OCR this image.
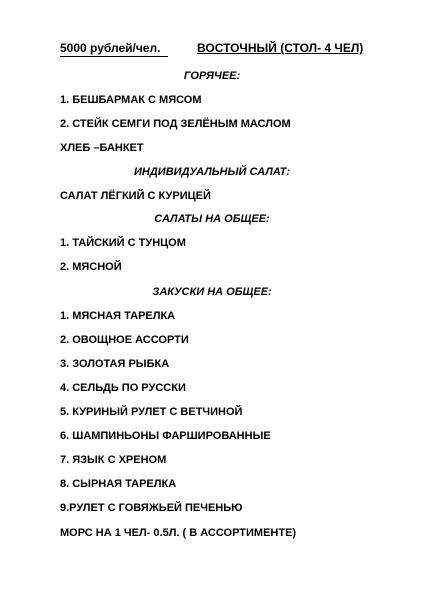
5000 рублей/чел.	ВОСТОЧНЫЙ (СТОЛ- 4 ЧЕЛ)
ГОРЯЧЕЕ:
1. БЕШБАРМАК С МЯСОМ
2. СТЕЙК СЕМГИ ПОД ЗЕЛЁНЫМ МАСЛОМ
ХЛЕБ –БАНКЕТ
ИНДИВИДУАЛЬНЫЙ САЛАТ:
САЛАТ ЛЁГКИЙ С КУРИЦЕЙ
САЛАТЫ НА ОБЩЕЕ:
1. ТАЙСКИЙ С ТУНЦОМ
2. МЯСНОЙ
ЗАКУСКИ НА ОБЩЕЕ:
1. МЯСНАЯ ТАРЕЛКА
2. ОВОЩНОЕ АССОРТИ
3. ЗОЛОТАЯ РЫБКА
4. СЕЛЬДЬ ПО РУССКИ
5. КУРИНЫЙ РУЛЕТ С ВЕТЧИНОЙ
6. ШАМПИНЬОНЫ ФАРШИРОВАННЫЕ
7. ЯЗЫК С ХРЕНОМ
8. СЫРНАЯ ТАРЕЛКА
9.РУЛЕТ С ГОВЯЖЬЕЙ ПЕЧЕНЬЮ
МОРС НА 1 ЧЕЛ- 0.5Л. ( В АССОРТИМЕНТЕ)
